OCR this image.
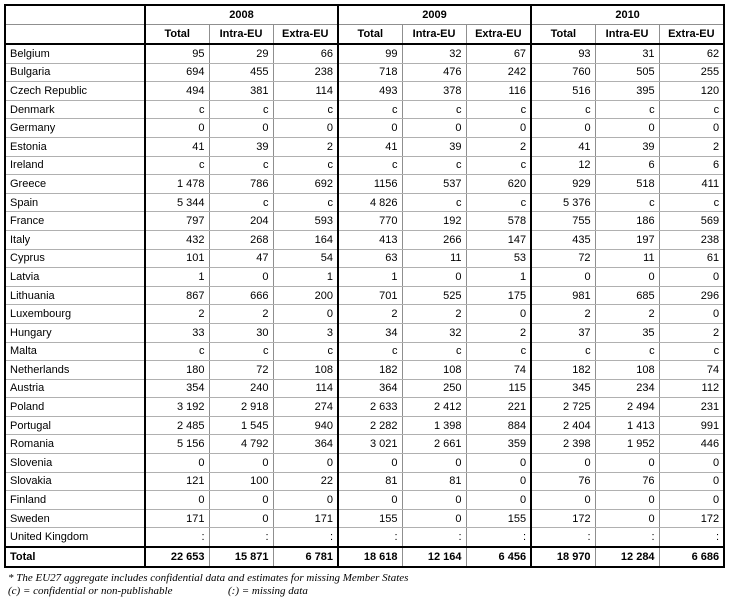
	2008			2009			2010		
	Total	Intra-EU	Extra-EU	Total	Intra-EU	Extra-EU	Total	Intra-EU	Extra-EU
Belgium	95	29	66	99	32	67	93	31	62
Bulgaria	694	455	238	718	476	242	760	505	255
Czech Republic	494	381	114	493	378	116	516	395	120
Denmark	c	c	c	c	c	c	c	c	c
Germany	0	0	0	0	0	0	0	0	0
Estonia	41	39	2	41	39	2	41	39	2
Ireland	c	c	c	c	c	c	12	6	6
Greece	1 478	786	692	1156	537	620	929	518	411
Spain	5 344	c	c	4 826	c	c	5 376	c	c
France	797	204	593	770	192	578	755	186	569
Italy	432	268	164	413	266	147	435	197	238
Cyprus	101	47	54	63	11	53	72	11	61
Latvia	1	0	1	1	0	1	0	0	0
Lithuania	867	666	200	701	525	175	981	685	296
Luxembourg	2	2	0	2	2	0	2	2	0
Hungary	33	30	3	34	32	2	37	35	2
Malta	c	c	c	c	c	c	c	c	c
Netherlands	180	72	108	182	108	74	182	108	74
Austria	354	240	114	364	250	115	345	234	112
Poland	3 192	2 918	274	2 633	2 412	221	2 725	2 494	231
Portugal	2 485	1 545	940	2 282	1 398	884	2 404	1 413	991
Romania	5 156	4 792	364	3 021	2 661	359	2 398	1 952	446
Slovenia	0	0	0	0	0	0	0	0	0
Slovakia	121	100	22	81	81	0	76	76	0
Finland	0	0	0	0	0	0	0	0	0
Sweden	171	0	171	155	0	155	172	0	172
United Kingdom	:	:	:	:	:	:	:	:	:
Total	22 653	15 871	6 781	18 618	12 164	6 456	18 970	12 284	6 686
* The EU27 aggregate includes confidential data and estimates for missing Member States
(c) = confidential or non-publishable	(:) = missing data
